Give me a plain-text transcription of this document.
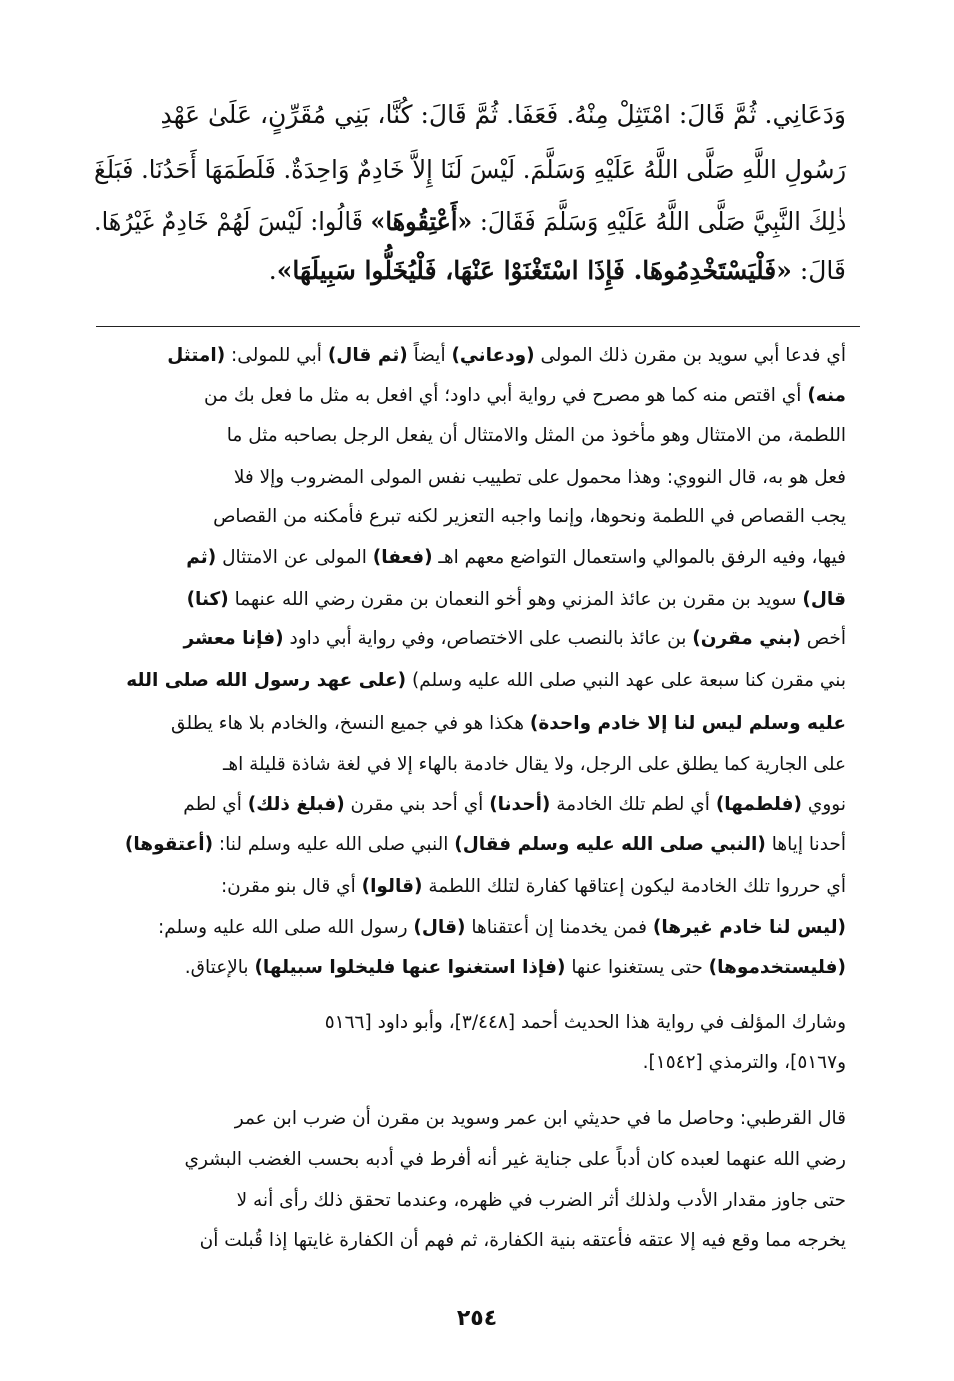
وَدَعَانِي. ثُمَّ قَالَ: امْتَثِلْ مِنْهُ. فَعَفَا. ثُمَّ قَالَ: كُنَّا، بَنِي مُقَرِّنٍ، عَلَىٰ عَهْدِ
رَسُولِ اللَّهِ صَلَّى اللَّهُ عَلَيْهِ وَسَلَّمَ. لَيْسَ لَنَا إِلاَّ خَادِمٌ وَاحِدَةٌ. فَلَطَمَهَا أَحَدُنَا. فَبَلَغَ
ذٰلِكَ النَّبِيَّ صَلَّى اللَّهُ عَلَيْهِ وَسَلَّمَ فَقَالَ: «أَعْتِقُوهَا» قَالُوا: لَيْسَ لَهُمْ خَادِمٌ غَيْرُهَا.
قَالَ: «فَلْيَسْتَخْدِمُوهَا. فَإِذَا اسْتَغْنَوْا عَنْهَا، فَلْيُخَلُّوا سَبِيلَهَا».
أي فدعا أبي سويد بن مقرن ذلك المولى (ودعاني) أيضاً (ثم قال) أبي للمولى: (امتثل
منه) أي اقتص منه كما هو مصرح في رواية أبي داود؛ أي افعل به مثل ما فعل بك من
اللطمة، من الامتثال وهو مأخوذ من المثل والامتثال أن يفعل الرجل بصاحبه مثل ما
فعل هو به، قال النووي: وهذا محمول على تطييب نفس المولى المضروب وإلا فلا
يجب القصاص في اللطمة ونحوها، وإنما واجبه التعزير لكنه تبرع فأمكنه من القصاص
فيها، وفيه الرفق بالموالي واستعمال التواضع معهم اهـ (فعفا) المولى عن الامتثال (ثم
قال) سويد بن مقرن بن عائذ المزني وهو أخو النعمان بن مقرن رضي الله عنهما (كنا)
أخص (بني مقرن) بن عائذ بالنصب على الاختصاص، وفي رواية أبي داود (فإنا معشر
بني مقرن كنا سبعة على عهد النبي صلى الله عليه وسلم) (على عهد رسول الله صلى الله
عليه وسلم ليس لنا إلا خادم واحدة) هكذا هو في جميع النسخ، والخادم بلا هاء يطلق
على الجارية كما يطلق على الرجل، ولا يقال خادمة بالهاء إلا في لغة شاذة قليلة اهـ
نووي (فلطمها) أي لطم تلك الخادمة (أحدنا) أي أحد بني مقرن (فبلغ ذلك) أي لطم
أحدنا إياها (النبي صلى الله عليه وسلم فقال) النبي صلى الله عليه وسلم لنا: (أعتقوها)
أي حرروا تلك الخادمة ليكون إعتاقها كفارة لتلك اللطمة (قالوا) أي قال بنو مقرن:
(ليس لنا خادم غيرها) فمن يخدمنا إن أعتقناها (قال) رسول الله صلى الله عليه وسلم:
(فليستخدموها) حتى يستغنوا عنها (فإذا استغنوا عنها فليخلوا سبيلها) بالإعتاق.
وشارك المؤلف في رواية هذا الحديث أحمد [٣/٤٤٨]، وأبو داود [٥١٦٦
و٥١٦٧]، والترمذي [١٥٤٢].
قال القرطبي: وحاصل ما في حديثي ابن عمر وسويد بن مقرن أن ضرب ابن عمر
رضي الله عنهما لعبده كان أدباً على جناية غير أنه أفرط في أدبه بحسب الغضب البشري
حتى جاوز مقدار الأدب ولذلك أثر الضرب في ظهره، وعندما تحقق ذلك رأى أنه لا
يخرجه مما وقع فيه إلا عتقه فأعتقه بنية الكفارة، ثم فهم أن الكفارة غايتها إذا قُبلت أن
٢٥٤
